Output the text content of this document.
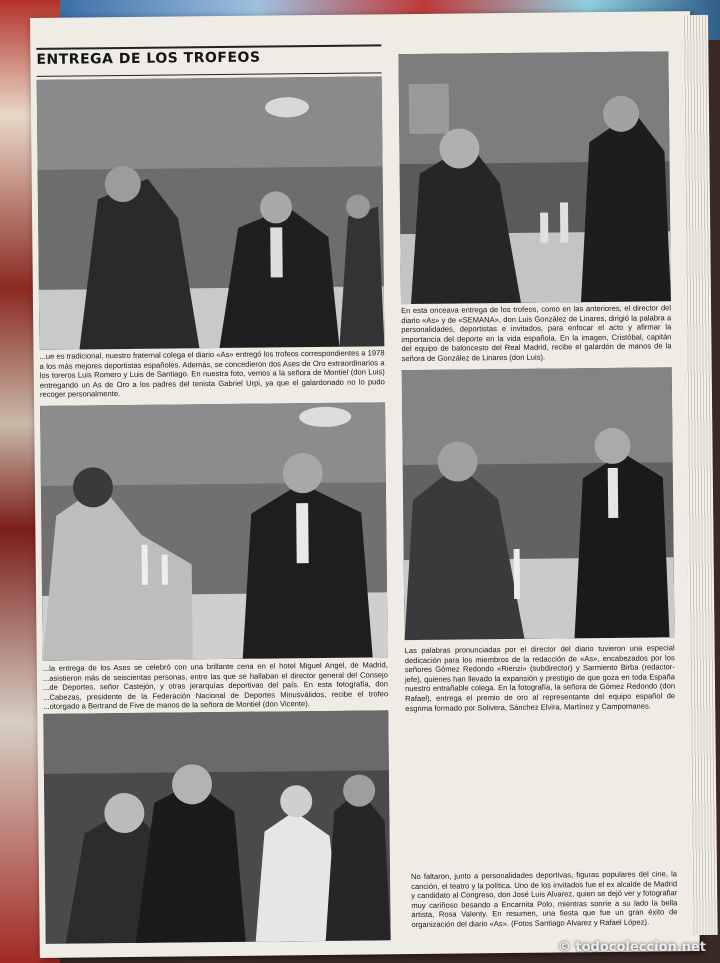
ENTREGA DE LOS TROFEOS

...ue es tradicional, nuestro fraternal colega el diario «As» entregó los trofeos correspondientes a 1978 a los más mejores deportistas españoles. Además, se concedieron dos Ases de Oro extraordinarios a los toreros Luis Romero y Luis de Santiago. En nuestra foto, vemos a la señora de Montiel (don Luis) entregando un As de Oro a los padres del tenista Gabriel Urpi, ya que el galardonado no lo pudo recoger personalmente.

En esta onceava entrega de los trofeos, como en las anteriores, el director del diario «As» y de «SEMANA», don Luis González de Linares, dirigió la palabra a personalidades, deportistas e invitados, para enfocar el acto y afirmar la importancia del deporte en la vida española. En la imagen, Cristóbal, capitán del equipo de baloncesto del Real Madrid, recibe el galardón de manos de la señora de González de Linares (don Luis).

...la entrega de los Ases se celebró con una brillante cena en el hotel Miguel Angel, de Madrid, ...asistieron más de seiscientas personas, entre las que se hallaban el director general del Consejo ...de Deportes, señor Castejón, y otras jerarquías deportivas del país. En esta fotografía, don ...Cabezas, presidente de la Federación Nacional de Deportes Minusválidos, recibe el trofeo ...otorgado a Bertrand de Five de manos de la señora de Montiel (don Vicente).

Las palabras pronunciadas por el director del diario tuvieron una especial dedicación para los miembros de la redacción de «As», encabezados por los señores Gómez Redondo «Rienzi» (subdirector) y Sarmiento Birba (redactor-jefe), quienes han llevado la expansión y prestigio de que goza en toda España nuestro entrañable colega. En la fotografía, la señora de Gómez Redondo (don Rafael), entrega el premio de oro al representante del equipo español de esgrima formado por Solivera, Sánchez Elvira, Martínez y Campomanes.

No faltaron, junto a personalidades deportivas, figuras populares del cine, la canción, el teatro y la política. Uno de los invitados fue el ex alcalde de Madrid y candidato al Congreso, don José Luis Alvarez, quien se dejó ver y fotografiar muy cariñoso besando a Encarnita Polo, mientras sonríe a su lado la bella artista, Rosa Valenty. En resumen, una fiesta que fue un gran éxito de organización del diario «As». (Fotos Santiago Alvarez y Rafael López).

© todocoleccion.net
